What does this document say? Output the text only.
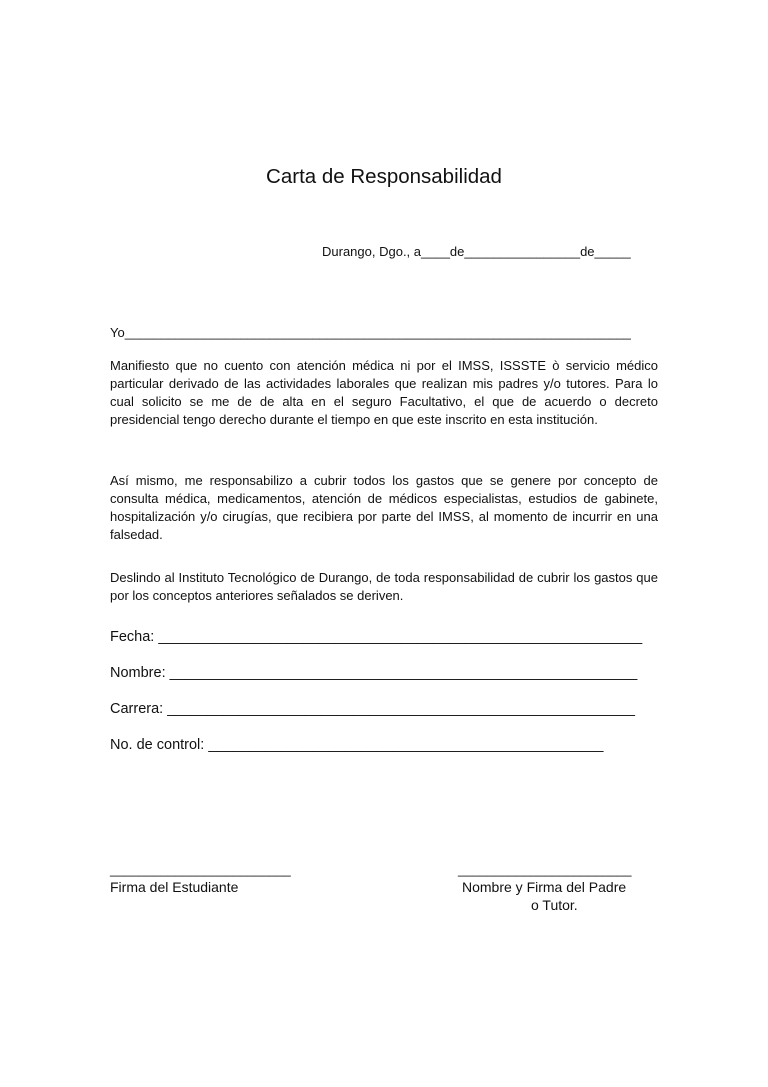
Carta de Responsabilidad
Durango, Dgo., a____de________________de_____
Yo______________________________________________________________________
Manifiesto que no cuento con atención médica ni por el IMSS, ISSSTE ò servicio médico particular derivado de las actividades laborales que realizan mis padres y/o tutores. Para lo cual solicito se me de de alta en el seguro Facultativo, el que de acuerdo o decreto presidencial tengo derecho durante el tiempo en que este inscrito en esta institución.
Así mismo, me responsabilizo a cubrir todos los gastos que se genere por concepto de consulta médica, medicamentos, atención de médicos especialistas, estudios de gabinete, hospitalización y/o cirugías, que recibiera por parte del IMSS, al momento de incurrir en una falsedad.
Deslindo al Instituto Tecnológico de Durango, de toda responsabilidad de cubrir los gastos que por los conceptos anteriores señalados se deriven.
Fecha: ____________________________________________________________
Nombre: __________________________________________________________
Carrera: __________________________________________________________
No. de control: _________________________________________________
_________________________	________________________
Firma del Estudiante	Nombre y Firma del Padre
o Tutor.
